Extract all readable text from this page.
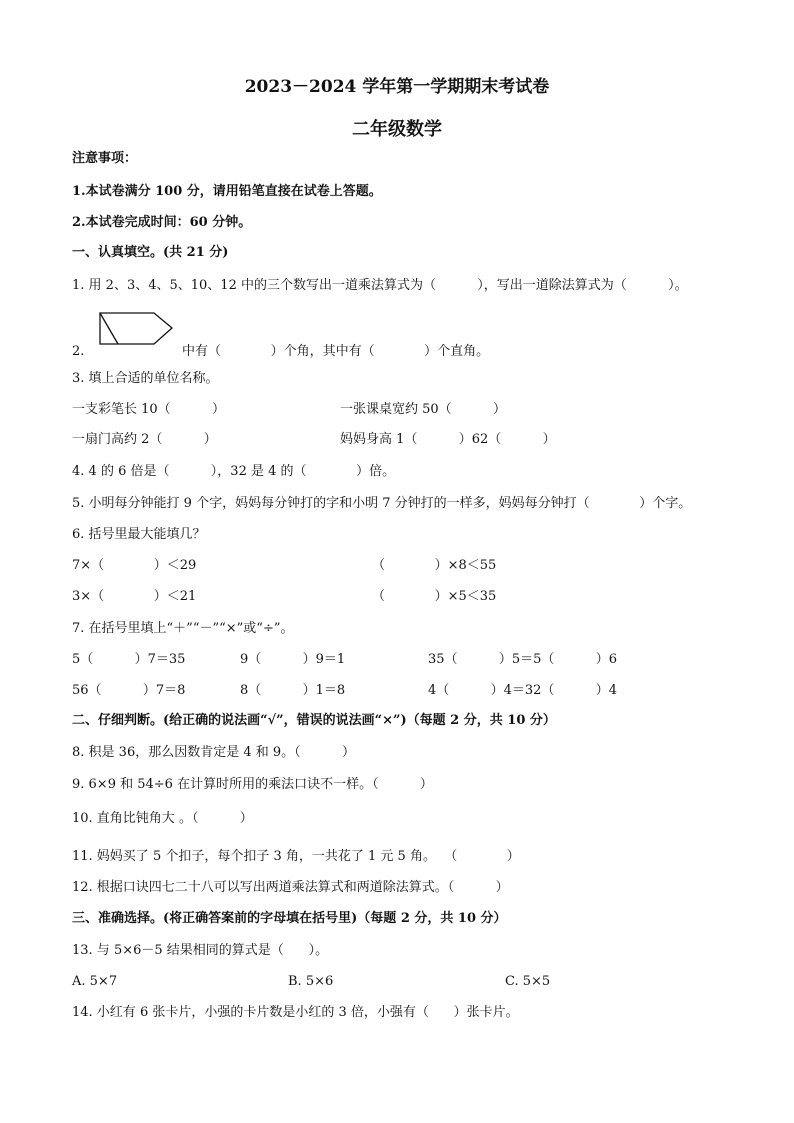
2023－2024 学年第一学期期末考试卷
二年级数学
注意事项：
1.本试卷满分 100 分，请用铅笔直接在试卷上答题。
2.本试卷完成时间：60 分钟。
一、认真填空。(共 21 分)
1. 用 2、3、4、5、10、12 中的三个数写出一道乘法算式为（          ），写出一道除法算式为（          ）。
2.	中有（            ）个角，其中有（            ）个直角。
3. 填上合适的单位名称。
一支彩笔长 10（          ）	一张课桌宽约 50（          ）
一扇门高约 2（          ）	妈妈身高 1（          ）62（          ）
4. 4 的 6 倍是（          ），32 是 4 的（            ）倍。
5. 小明每分钟能打 9 个字，妈妈每分钟打的字和小明 7 分钟打的一样多，妈妈每分钟打（            ）个字。
6. 括号里最大能填几？
7×（            ）＜29	（            ）×8＜55
3×（            ）＜21	（            ）×5＜35
7. 在括号里填上“＋”“－”“×”或“÷”。
5（          ）7＝35	9（          ）9＝1	35（          ）5＝5（          ）6
56（          ）7＝8	8（          ）1＝8	4（          ）4＝32（          ）4
二、仔细判断。(给正确的说法画“√”，错误的说法画“×”)（每题 2 分，共 10 分）
8. 积是 36，那么因数肯定是 4 和 9。（          ）
9. 6×9 和 54÷6 在计算时所用的乘法口诀不一样。（          ）
10. 直角比钝角大 。（          ）
11. 妈妈买了 5 个扣子，每个扣子 3 角，一共花了 1 元 5 角。  （            ）
12. 根据口诀四七二十八可以写出两道乘法算式和两道除法算式。（          ）
三、准确选择。(将正确答案前的字母填在括号里)（每题 2 分，共 10 分）
13. 与 5×6－5 结果相同的算式是（      ）。
A. 5×7	B. 5×6	C. 5×5
14. 小红有 6 张卡片，小强的卡片数是小红的 3 倍，小强有（      ）张卡片。
